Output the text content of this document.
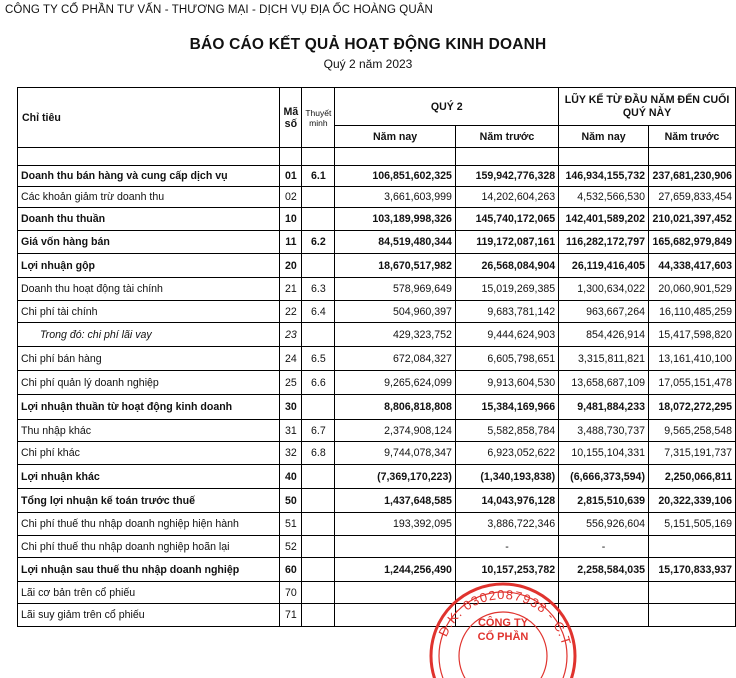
CÔNG TY CỔ PHẦN TƯ VẤN - THƯƠNG MẠI - DỊCH VỤ ĐỊA ỐC HOÀNG QUÂN
BÁO CÁO KẾT QUẢ HOẠT ĐỘNG KINH DOANH
Quý 2 năm 2023
Chỉ tiêu	Mã số	Thuyết minh	QUÝ 2		LŨY KẾ TỪ ĐẦU NĂM ĐẾN CUỐI QUÝ NÀY	
			Năm nay	Năm trước	Năm nay	Năm trước

Doanh thu bán hàng và cung cấp dịch vụ	01	6.1	106,851,602,325	159,942,776,328	146,934,155,732	237,681,230,906
Các khoản giảm trừ doanh thu	02		3,661,603,999	14,202,604,263	4,532,566,530	27,659,833,454
Doanh thu thuần	10		103,189,998,326	145,740,172,065	142,401,589,202	210,021,397,452
Giá vốn hàng bán	11	6.2	84,519,480,344	119,172,087,161	116,282,172,797	165,682,979,849
Lợi nhuận gộp	20		18,670,517,982	26,568,084,904	26,119,416,405	44,338,417,603
Doanh thu hoạt động tài chính	21	6.3	578,969,649	15,019,269,385	1,300,634,022	20,060,901,529
Chi phí tài chính	22	6.4	504,960,397	9,683,781,142	963,667,264	16,110,485,259
Trong đó: chi phí lãi vay	23		429,323,752	9,444,624,903	854,426,914	15,417,598,820
Chi phí bán hàng	24	6.5	672,084,327	6,605,798,651	3,315,811,821	13,161,410,100
Chi phí quản lý doanh nghiệp	25	6.6	9,265,624,099	9,913,604,530	13,658,687,109	17,055,151,478
Lợi nhuận thuần từ hoạt động kinh doanh	30		8,806,818,808	15,384,169,966	9,481,884,233	18,072,272,295
Thu nhập khác	31	6.7	2,374,908,124	5,582,858,784	3,488,730,737	9,565,258,548
Chi phí khác	32	6.8	9,744,078,347	6,923,052,622	10,155,104,331	7,315,191,737
Lợi nhuận khác	40		(7,369,170,223)	(1,340,193,838)	(6,666,373,594)	2,250,066,811
Tổng lợi nhuận kế toán trước thuế	50		1,437,648,585	14,043,976,128	2,815,510,639	20,322,339,106
Chi phí thuế thu nhập doanh nghiệp hiện hành	51		193,392,095	3,886,722,346	556,926,604	5,151,505,169
Chi phí thuế thu nhập doanh nghiệp hoãn lại	52			-	-	
Lợi nhuận sau thuế thu nhập doanh nghiệp	60		1,244,256,490	10,157,253,782	2,258,584,035	15,170,833,937
Lãi cơ bản trên cổ phiếu	70					
Lãi suy giảm trên cổ phiếu	71					
Đ.K: 0302087938 - C.T
CÔNG TY
CỔ PHẦN
